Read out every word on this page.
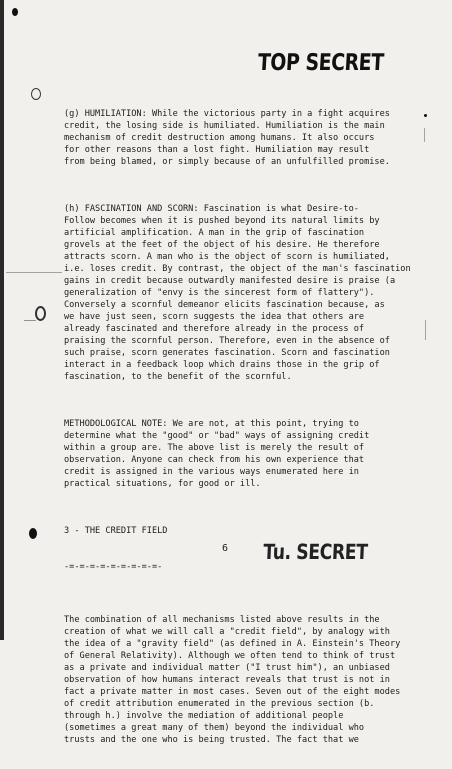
TOP SECRET

(g) HUMILIATION: While the victorious party in a fight acquires
credit, the losing side is humiliated. Humiliation is the main
mechanism of credit destruction among humans. It also occurs
for other reasons than a lost fight. Humiliation may result
from being blamed, or simply because of an unfulfilled promise.

(h) FASCINATION AND SCORN: Fascination is what Desire-to-
Follow becomes when it is pushed beyond its natural limits by
artificial amplification. A man in the grip of fascination
grovels at the feet of the object of his desire. He therefore
attracts scorn. A man who is the object of scorn is humiliated,
i.e. loses credit. By contrast, the object of the man's fascination
gains in credit because outwardly manifested desire is praise (a
generalization of "envy is the sincerest form of flattery").
Conversely a scornful demeanor elicits fascination because, as
we have just seen, scorn suggests the idea that others are
already fascinated and therefore already in the process of
praising the scornful person. Therefore, even in the absence of
such praise, scorn generates fascination. Scorn and fascination
interact in a feedback loop which drains those in the grip of
fascination, to the benefit of the scornful.

METHODOLOGICAL NOTE: We are not, at this point, trying to
determine what the "good" or "bad" ways of assigning credit
within a group are. The above list is merely the result of
observation. Anyone can check from his own experience that
credit is assigned in the various ways enumerated here in
practical situations, for good or ill.

3 - THE CREDIT FIELD

-=-=-=-=-=-=-=-=-=-

The combination of all mechanisms listed above results in the
creation of what we will call a "credit field", by analogy with
the idea of a "gravity field" (as defined in A. Einstein's Theory
of General Relativity). Although we often tend to think of trust
as a private and individual matter ("I trust him"), an unbiased
observation of how humans interact reveals that trust is not in
fact a private matter in most cases. Seven out of the eight modes
of credit attribution enumerated in the previous section (b.
through h.) involve the mediation of additional people
(sometimes a great many of them) beyond the individual who
trusts and the one who is being trusted. The fact that we

6 Tu. SECRET
